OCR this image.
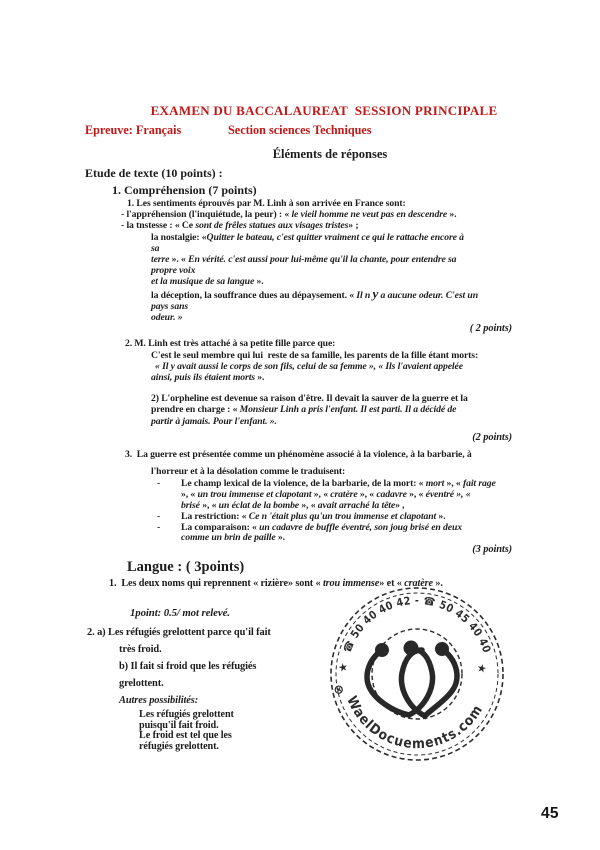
EXAMEN DU BACCALAUREAT  SESSION PRINCIPALE
Epreuve: Français	Section sciences Techniques
Éléments de réponses
Etude de texte (10 points) :
1. Compréhension (7 points)
1. Les sentiments éprouvés par M. Linh à son arrivée en France sont:
- l'appréhension (l'inquiétude, la peur) : « le vieil homme ne veut pas en descendre ».
- la tnstesse : « Ce sont de frêles statues aux visages tristes» ;
la nostalgie: «Quitter le bateau, c'est quitter vraiment ce qui le rattache encore à
sa
terre ». « En vérité. c'est aussi pour lui-même qu'il la chante, pour entendre sa
propre voix
et la musique de sa langue ».
la déception, la souffrance dues au dépaysement. « Il n y a aucune odeur. C'est un
pays sans
odeur. »
( 2 points)
2. M. Linh est très attaché à sa petite fille parce que:
C'est le seul membre qui lui  reste de sa famille, les parents de la fille étant morts:
« Il y avait aussi le corps de son fils, celui de sa femme », « Ils l'avaient appelée
ainsi, puis ils étaient morts ».
2) L'orpheline est devenue sa raison d'être. Il devait la sauver de la guerre et la
prendre en charge : « Monsieur Linh a pris l'enfant. Il est parti. Il a décidé de
partir à jamais. Pour l'enfant. ».
(2 points)
3.  La guerre est présentée comme un phénomène associé à la violence, à la barbarie, à
l'horreur et à la désolation comme le traduisent:
- Le champ lexical de la violence, de la barbarie, de la mort: « mort », « fait rage
», « un trou immense et clapotant », « cratère », « cadavre », « éventré », «
brisé », « un éclat de la bombe », « avait arraché la tête» ,
- La restriction: « Ce n 'était plus qu'un trou immense et clapotant ».
- La comparaison: « un cadavre de buffle éventré, son joug brisé en deux
comme un brin de paille ».
(3 points)
Langue : ( 3points)
1.  Les deux noms qui reprennent « rizière» sont « trou immense» et « cratère ».
1point: 0.5/ mot relevé.
2. a) Les réfugiés grelottent parce qu'il fait
très froid.
b) Il fait si froid que les réfugiés
grelottent.
Autres possibilités:
Les réfugiés grelottent
puisqu'il fait froid.
Le froid est tel que les
réfugiés grelottent.
☎ 50 40 40 42 - ☎ 50 45 40 40
WaelDocuements.com
★	★
⊕
45
